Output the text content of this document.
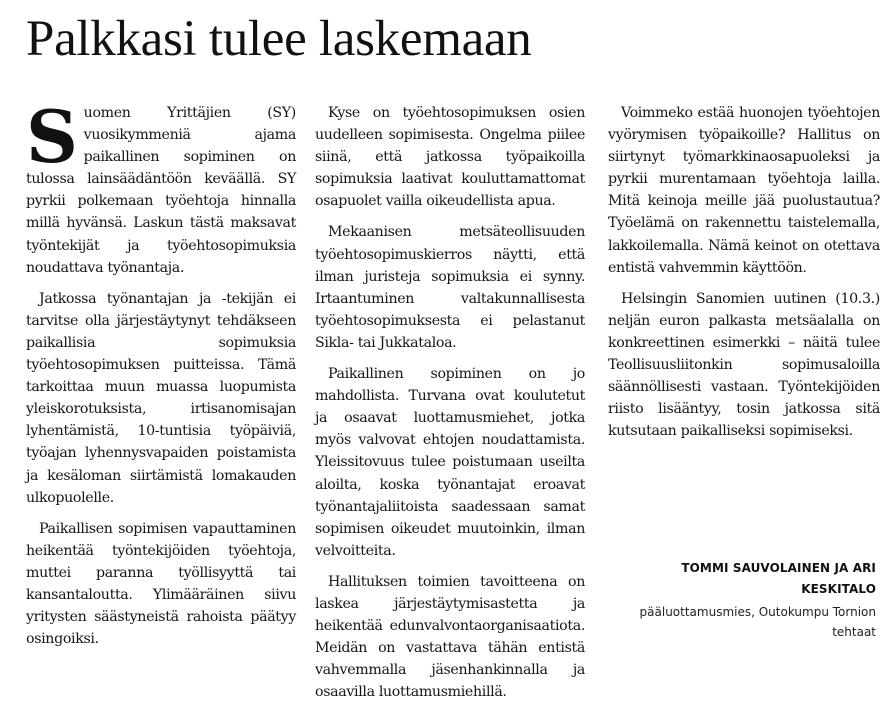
Palkkasi tulee laskemaan

Suomen Yrittäjien (SY) vuosikymmeniä ajama paikallinen sopiminen on tulossa lainsäädäntöön keväällä. SY pyrkii polkemaan työehtoja hinnalla millä hyvänsä. Laskun tästä maksavat työntekijät ja työehtosopimuksia noudattava työnantaja.

Jatkossa työnantajan ja -tekijän ei tarvitse olla järjestäytynyt tehdäkseen paikallisia sopimuksia työehtosopimuksen puitteissa. Tämä tarkoittaa muun muassa luopumista yleiskorotuksista, irtisanomisajan lyhentämistä, 10-tuntisia työpäiviä, työajan lyhennysvapaiden poistamista ja kesäloman siirtämistä lomakauden ulkopuolelle.

Paikallisen sopimisen vapauttaminen heikentää työntekijöiden työehtoja, muttei paranna työllisyyttä tai kansantaloutta. Ylimääräinen siivu yritysten säästyneistä rahoista päätyy osingoiksi.

Kyse on työehtosopimuksen osien uudelleen sopimisesta. Ongelma piilee siinä, että jatkossa työpaikoilla sopimuksia laativat kouluttamattomat osapuolet vailla oikeudellista apua.

Mekaanisen metsäteollisuuden työehtosopimuskierros näytti, että ilman juristeja sopimuksia ei synny. Irtaantuminen valtakunnallisesta työehtosopimuksesta ei pelastanut Sikla- tai Jukkataloa.

Paikallinen sopiminen on jo mahdollista. Turvana ovat koulutetut ja osaavat luottamusmiehet, jotka myös valvovat ehtojen noudattamista. Yleissitovuus tulee poistumaan useilta aloilta, koska työnantajat eroavat työnantajaliitoista saadessaan samat sopimisen oikeudet muutoinkin, ilman velvoitteita.

Hallituksen toimien tavoitteena on laskea järjestäytymisastetta ja heikentää edunvalvontaorganisaatiota. Meidän on vastattava tähän entistä vahvemmalla jäsenhankinnalla ja osaavilla luottamusmiehillä.

Voimmeko estää huonojen työehtojen vyörymisen työpaikoille? Hallitus on siirtynyt työmarkkinaosapuoleksi ja pyrkii murentamaan työehtoja lailla. Mitä keinoja meille jää puolustautua? Työelämä on rakennettu taistelemalla, lakkoilemalla. Nämä keinot on otettava entistä vahvemmin käyttöön.

Helsingin Sanomien uutinen (10.3.) neljän euron palkasta metsäalalla on konkreettinen esimerkki – näitä tulee Teollisuusliitonkin sopimusaloilla säännöllisesti vastaan. Työntekijöiden riisto lisääntyy, tosin jatkossa sitä kutsutaan paikalliseksi sopimiseksi.

TOMMI SAUVOLAINEN JA ARI KESKITALO
pääluottamusmies, Outokumpu Tornion tehtaat
